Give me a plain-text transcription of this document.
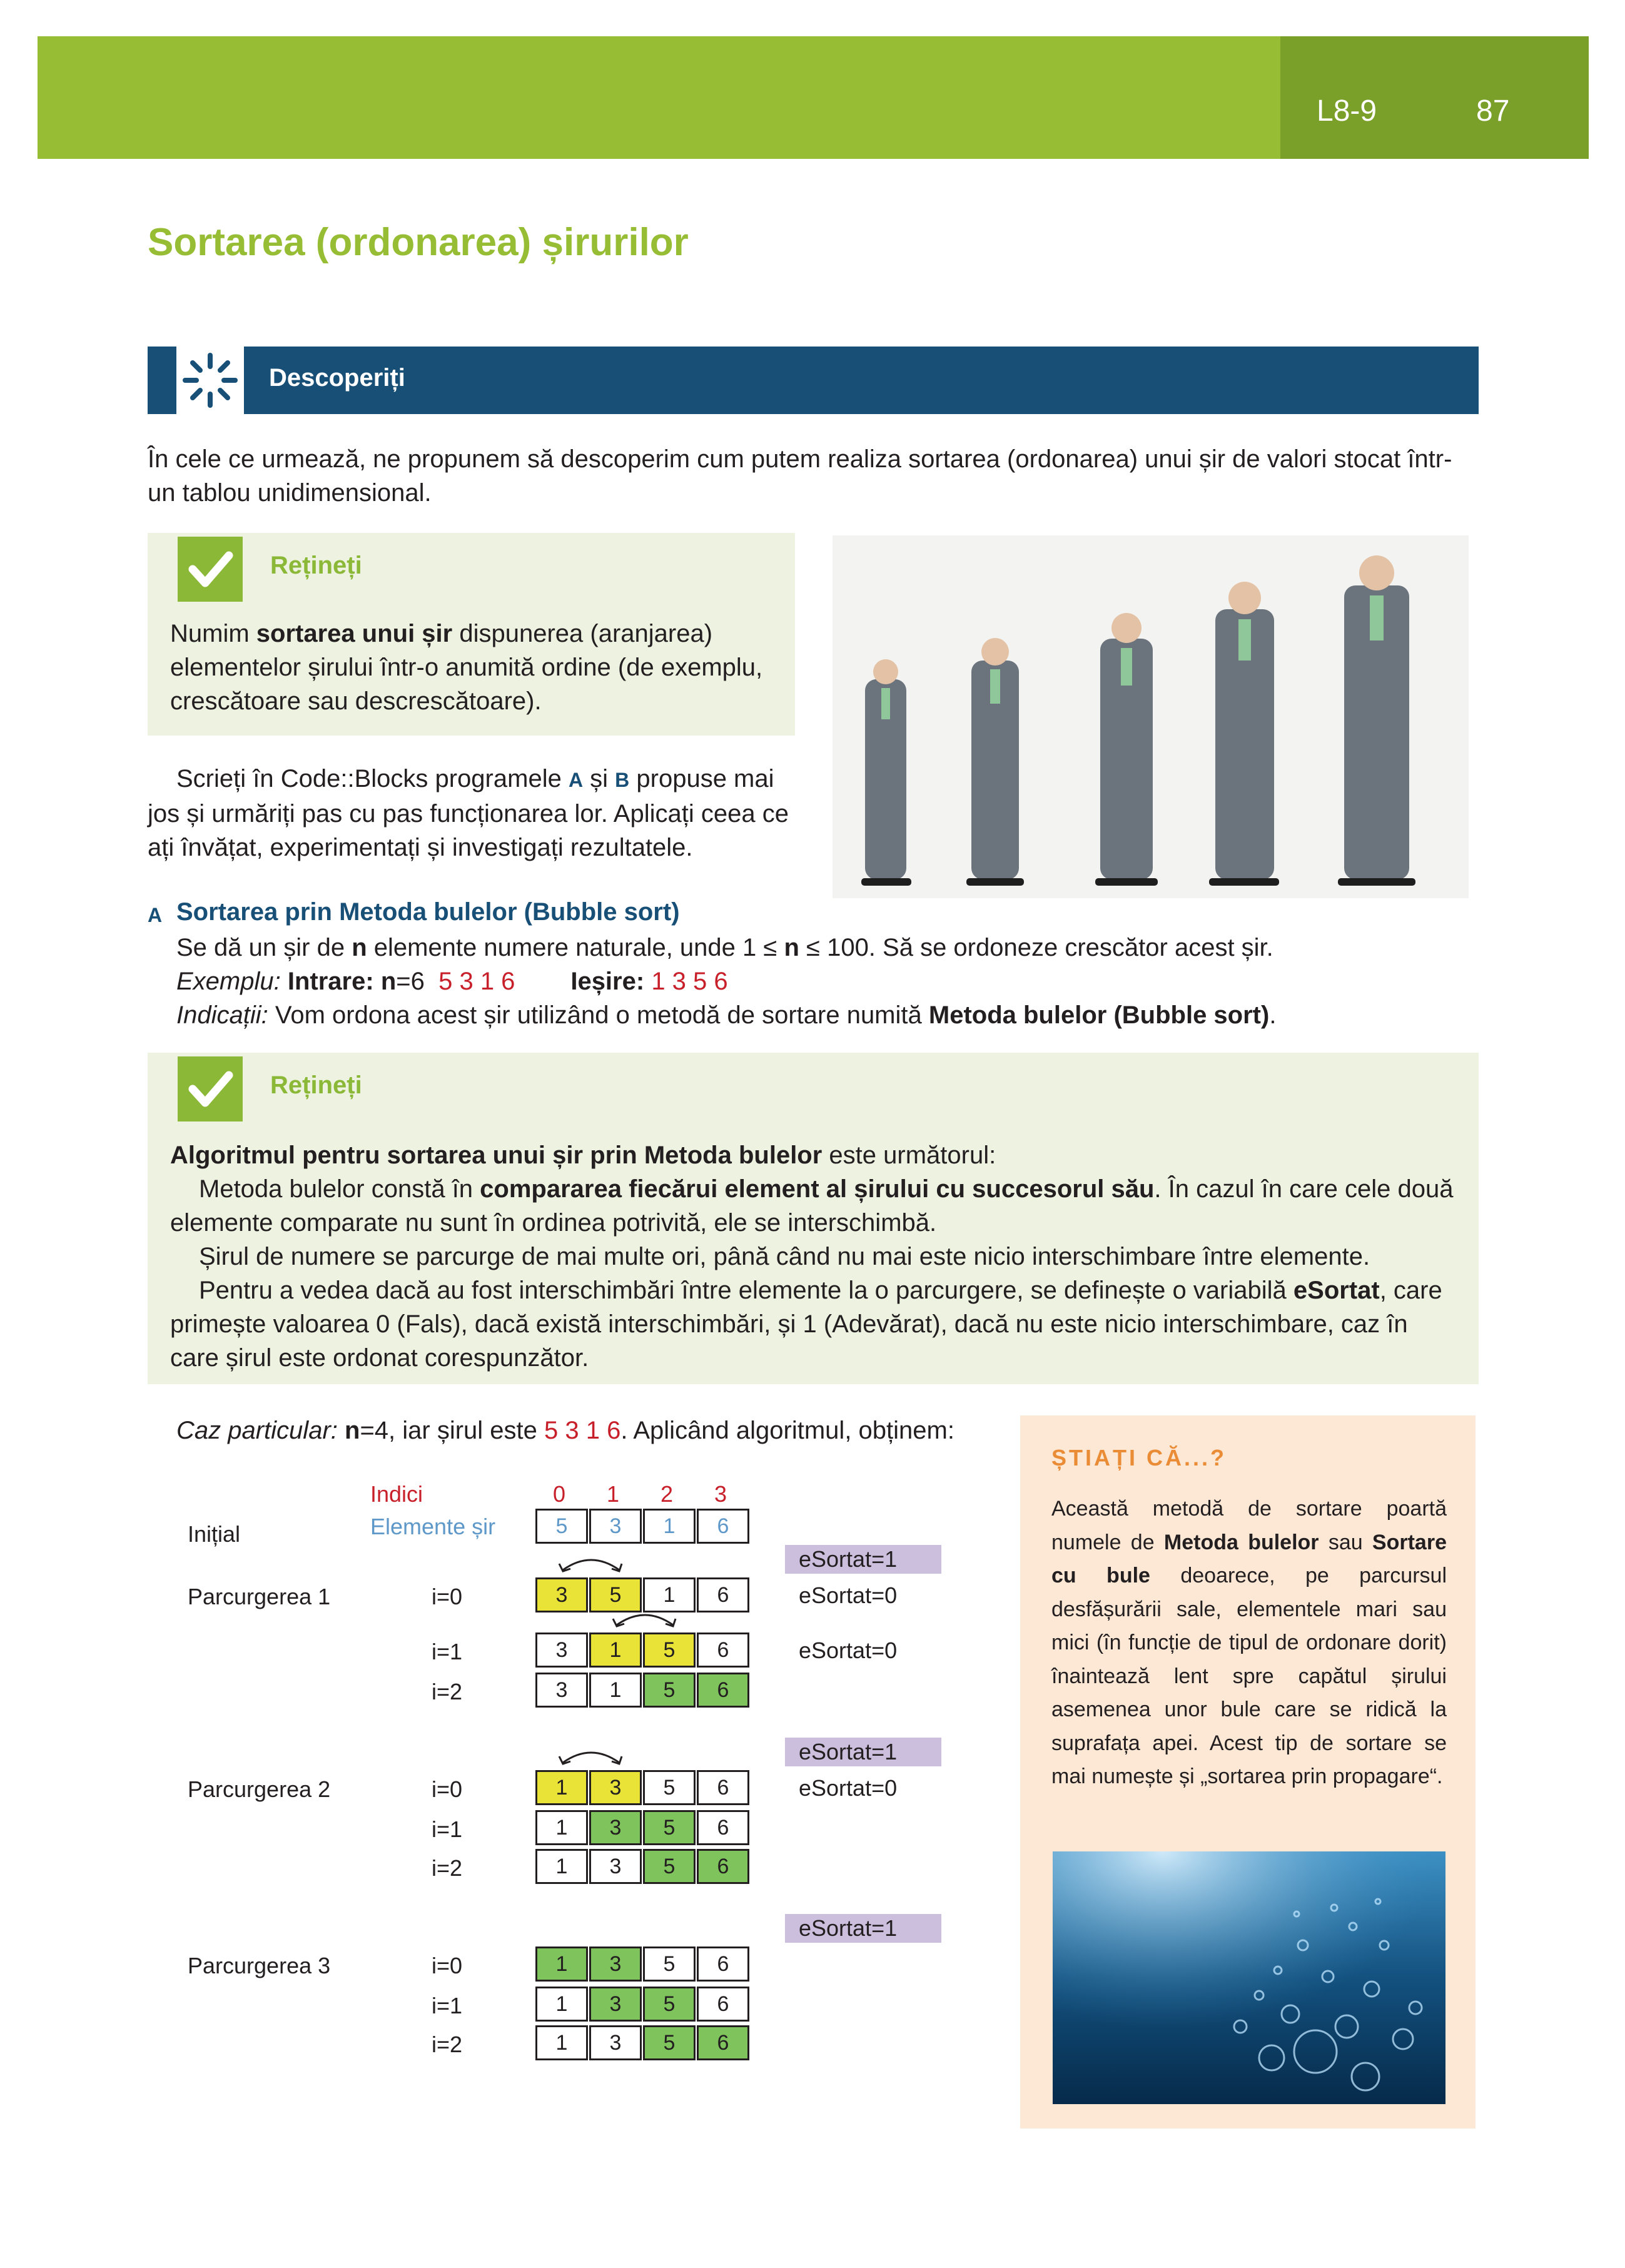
L8-9	87
Sortarea (ordonarea) șirurilor
Descoperiți
În cele ce urmează, ne propunem să descoperim cum putem realiza sortarea (ordonarea) unui șir de valori stocat într-un tablou unidimensional.
Rețineți
Numim sortarea unui șir dispunerea (aranjarea) elementelor șirului într-o anumită ordine (de exemplu, crescătoare sau descrescătoare).
Scrieți în Code::Blocks programele A și B propuse mai jos și urmăriți pas cu pas funcționarea lor. Aplicați ceea ce ați învățat, experimentați și investigați rezultatele.
A Sortarea prin Metoda bulelor (Bubble sort)
Se dă un șir de n elemente numere naturale, unde 1 ≤ n ≤ 100. Să se ordoneze crescător acest șir.
Exemplu: Intrare: n=6 5 3 1 6 Ieșire: 1 3 5 6
Indicații: Vom ordona acest șir utilizând o metodă de sortare numită Metoda bulelor (Bubble sort).
Rețineți
Algoritmul pentru sortarea unui șir prin Metoda bulelor este următorul:
Metoda bulelor constă în compararea fiecărui element al șirului cu succesorul său. În cazul în care cele două elemente comparate nu sunt în ordinea potrivită, ele se interschimbă.
Șirul de numere se parcurge de mai multe ori, până când nu mai este nicio interschimbare între elemente.
Pentru a vedea dacă au fost interschimbări între elemente la o parcurgere, se definește o variabilă eSortat, care primește valoarea 0 (Fals), dacă există interschimbări, și 1 (Adevărat), dacă nu este nicio interschimbare, caz în care șirul este ordonat corespunzător.
Caz particular: n=4, iar șirul este 5 3 1 6. Aplicând algoritmul, obținem:
Indici
Elemente șir
Inițial
0 1 2 3
5	3	1	6
eSortat=1
Parcurgerea 1	i=0	3	5	1	6	eSortat=0
i=1	3	1	5	6	eSortat=0
i=2	3	1	5	6
eSortat=1
Parcurgerea 2	i=0	1	3	5	6	eSortat=0
i=1	1	3	5	6
i=2	1	3	5	6
eSortat=1
Parcurgerea 3	i=0	1	3	5	6
i=1	1	3	5	6
i=2	1	3	5	6
ȘTIAȚI CĂ...?
Această metodă de sortare poartă numele de Metoda bulelor sau Sortare cu bule deoarece, pe parcursul desfășurării sale, elementele mari sau mici (în funcție de tipul de ordonare dorit) înaintează lent spre capătul șirului asemenea unor bule care se ridică la suprafața apei. Acest tip de sortare se mai numește și „sortarea prin propagare“.
